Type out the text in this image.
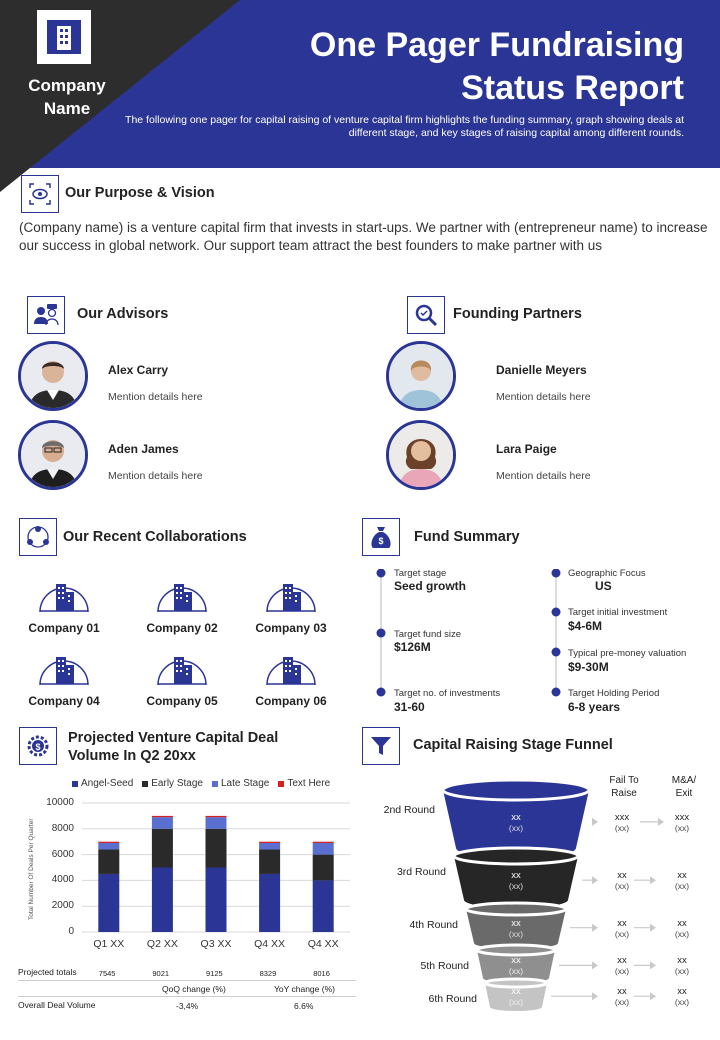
Company Name
One Pager Fundraising Status Report
The following one pager for capital raising of venture capital firm highlights the funding summary, graph showing deals at different stage, and key stages of raising capital among different rounds.
Our Purpose & Vision
(Company name) is a venture capital firm that invests in start-ups. We partner with (entrepreneur name) to increase our success in global network. Our support team attract the best founders to make partner with us
Our Advisors
Alex Carry
Mention details here
Aden James
Mention details here
Founding Partners
Danielle Meyers
Mention details here
Lara Paige
Mention details here
Our Recent Collaborations
Company 01	Company 02	Company 03
Company 04	Company 05	Company 06
$ Fund Summary
Target stage
Seed growth
Target fund size
$126M
Target no. of investments
31-60
Geographic Focus
US
Target initial investment
$4-6M
Typical pre-money valuation
$9-30M
Target Holding Period
6-8 years
$
Projected Venture Capital Deal Volume In Q2 20xx
Angel-Seed Early Stage Late Stage Text Here
Total Number Of Deals Per Quarter
0
2000
4000
6000
8000
10000
Q1 XX	Q2 XX	Q3 XX	Q4 XX	Q4 XX
Projected totals	7545	9021	9125	8329	8016
QoQ change (%)	YoY change (%)
Overall Deal Volume	-3,4%	6.6%
Capital Raising Stage Funnel
Fail To Raise
M&A/ Exit
2nd Round
xx
(xx)
xxx
(xx)
xxx
(xx)
3rd Round	xx
(xx)
xx
(xx)
xx
(xx)
4th Round	xx
(xx)
xx
(xx)
xx
(xx)
5th Round	xx
(xx)
xx
(xx)
xx
(xx)
6th Round
xx
(xx)
xx
(xx)
xx
(xx)
